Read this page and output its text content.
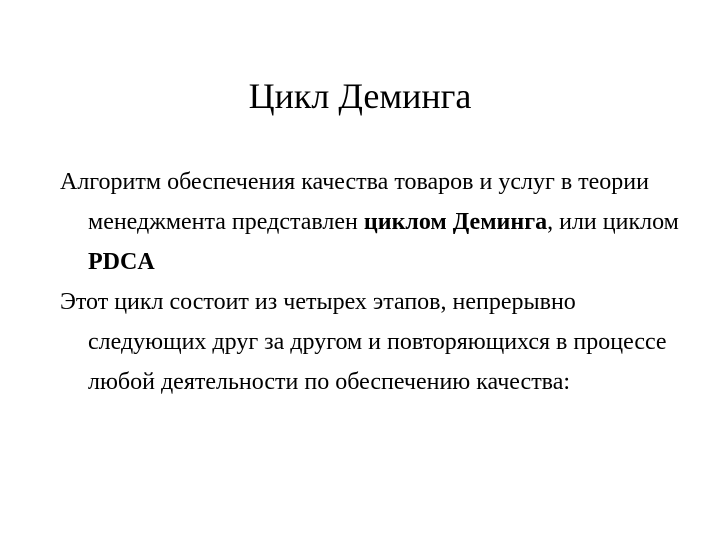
Цикл Деминга

Алгоритм обеспечения качества товаров и услуг в теории менеджмента представлен циклом Деминга, или циклом PDCA

Этот цикл состоит из четырех этапов, непрерывно следующих друг за другом и повторяющихся в процессе любой деятельности по обеспечению качества:
